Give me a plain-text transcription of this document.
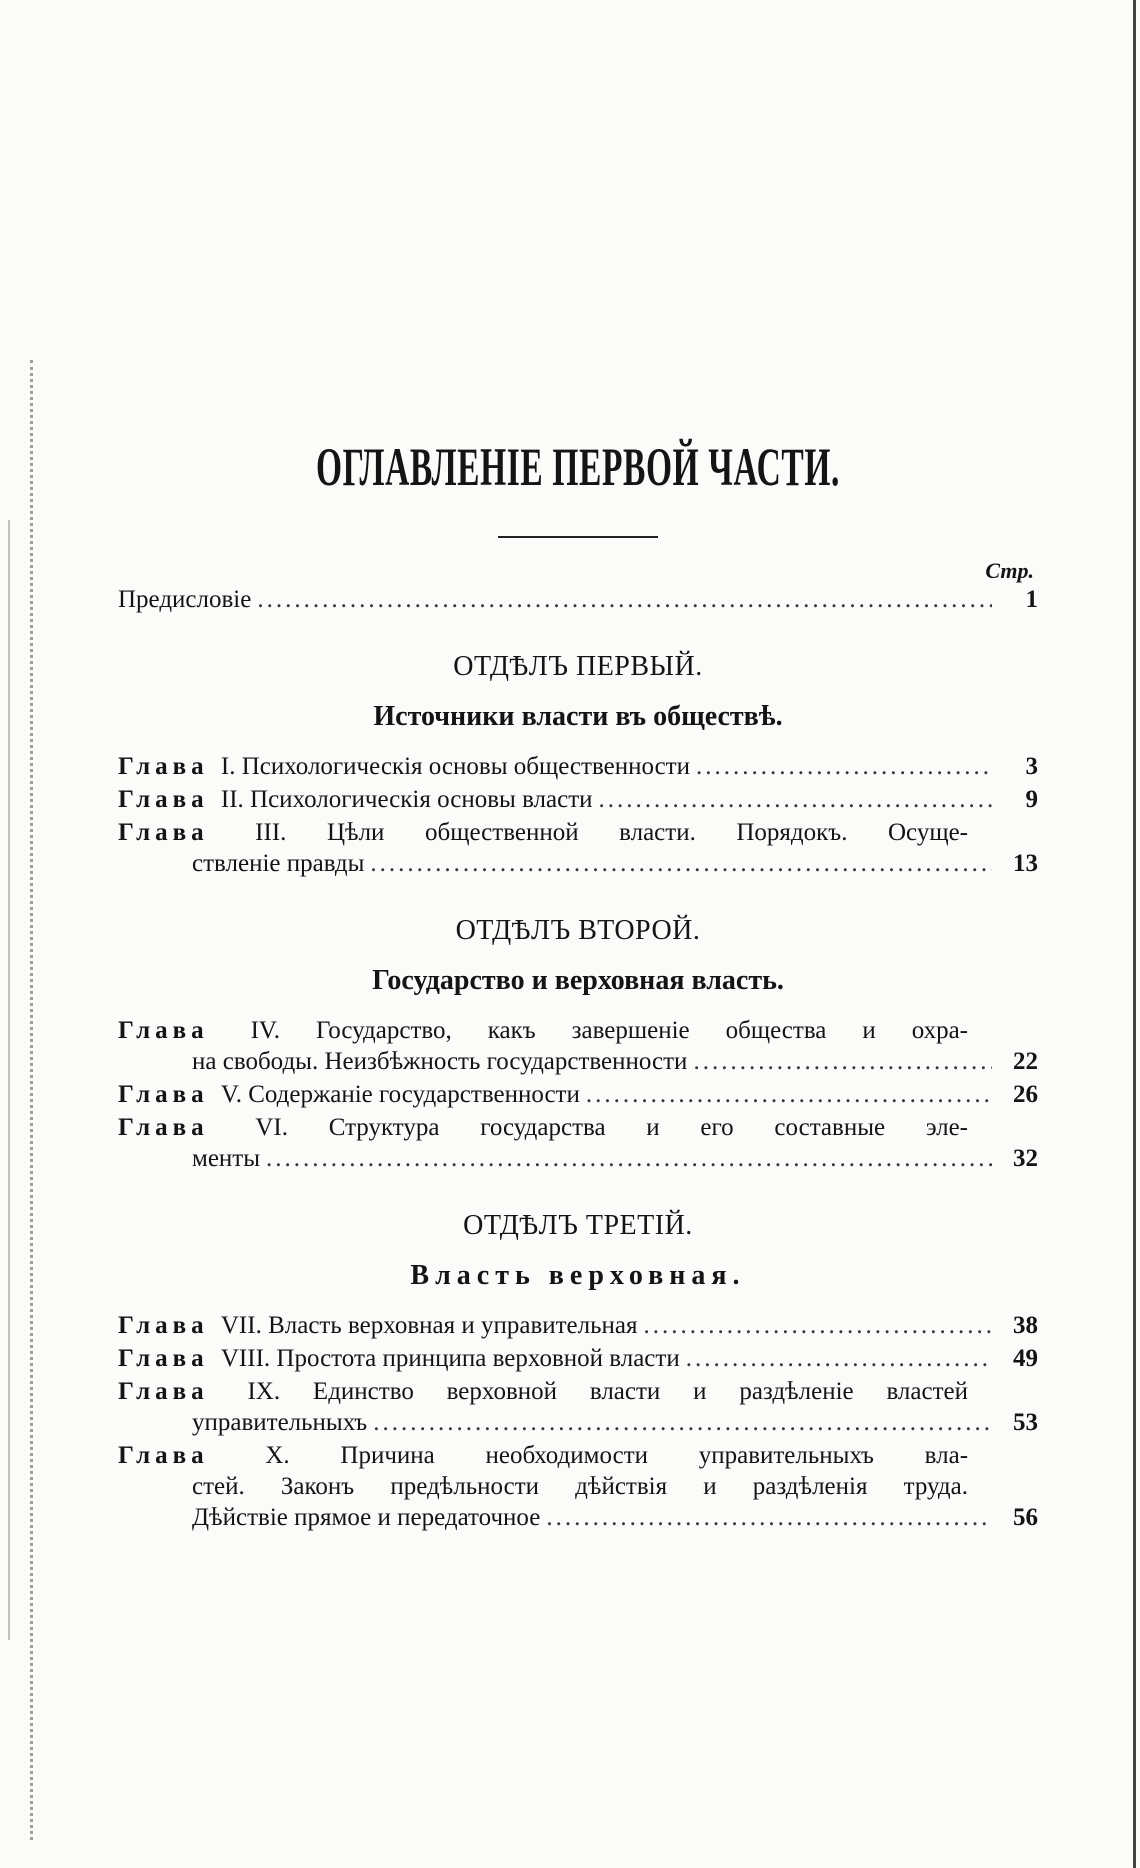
ОГЛАВЛЕНІЕ ПЕРВОЙ ЧАСТИ.
Стр.
Предисловіе .....	1
ОТДѢЛЪ ПЕРВЫЙ.
Источники власти въ обществѣ.
Глава I. Психологическія основы общественности .....	3
Глава II. Психологическія основы власти .....	9
Глава III. Цѣли общественной власти. Порядокъ. Осуще-
ствленіе правды .....	13
ОТДѢЛЪ ВТОРОЙ.
Государство и верховная власть.
Глава IV. Государство, какъ завершеніе общества и охра-
на свободы. Неизбѣжность государственности .....	22
Глава V. Содержаніе государственности .....	26
Глава VI. Структура государства и его составные эле-
менты .....	32
ОТДѢЛЪ ТРЕТІЙ.
Власть верховная.
Глава VII. Власть верховная и управительная .....	38
Глава VIII. Простота принципа верховной власти .....	49
Глава IX. Единство верховной власти и раздѣленіе властей
управительныхъ .....	53
Глава X. Причина необходимости управительныхъ вла-
стей. Законъ предѣльности дѣйствія и раздѣленія труда.
Дѣйствіе прямое и передаточное .....	56
